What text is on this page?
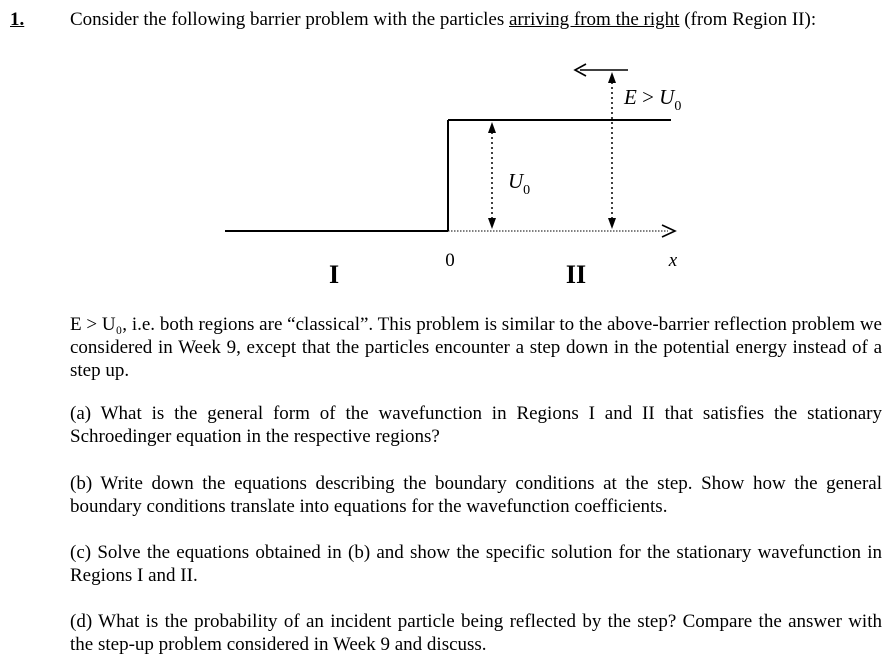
1. Consider the following barrier problem with the particles arriving from the right (from Region II):
$E > U_0$
$U_0$
0	x
I	II
E > U₀, i.e. both regions are “classical”. This problem is similar to the above-barrier reflection problem we considered in Week 9, except that the particles encounter a step down in the potential energy instead of a step up.
(a) What is the general form of the wavefunction in Regions I and II that satisfies the stationary Schroedinger equation in the respective regions?
(b) Write down the equations describing the boundary conditions at the step. Show how the general boundary conditions translate into equations for the wavefunction coefficients.
(c) Solve the equations obtained in (b) and show the specific solution for the stationary wavefunction in Regions I and II.
(d) What is the probability of an incident particle being reflected by the step? Compare the answer with the step-up problem considered in Week 9 and discuss.
